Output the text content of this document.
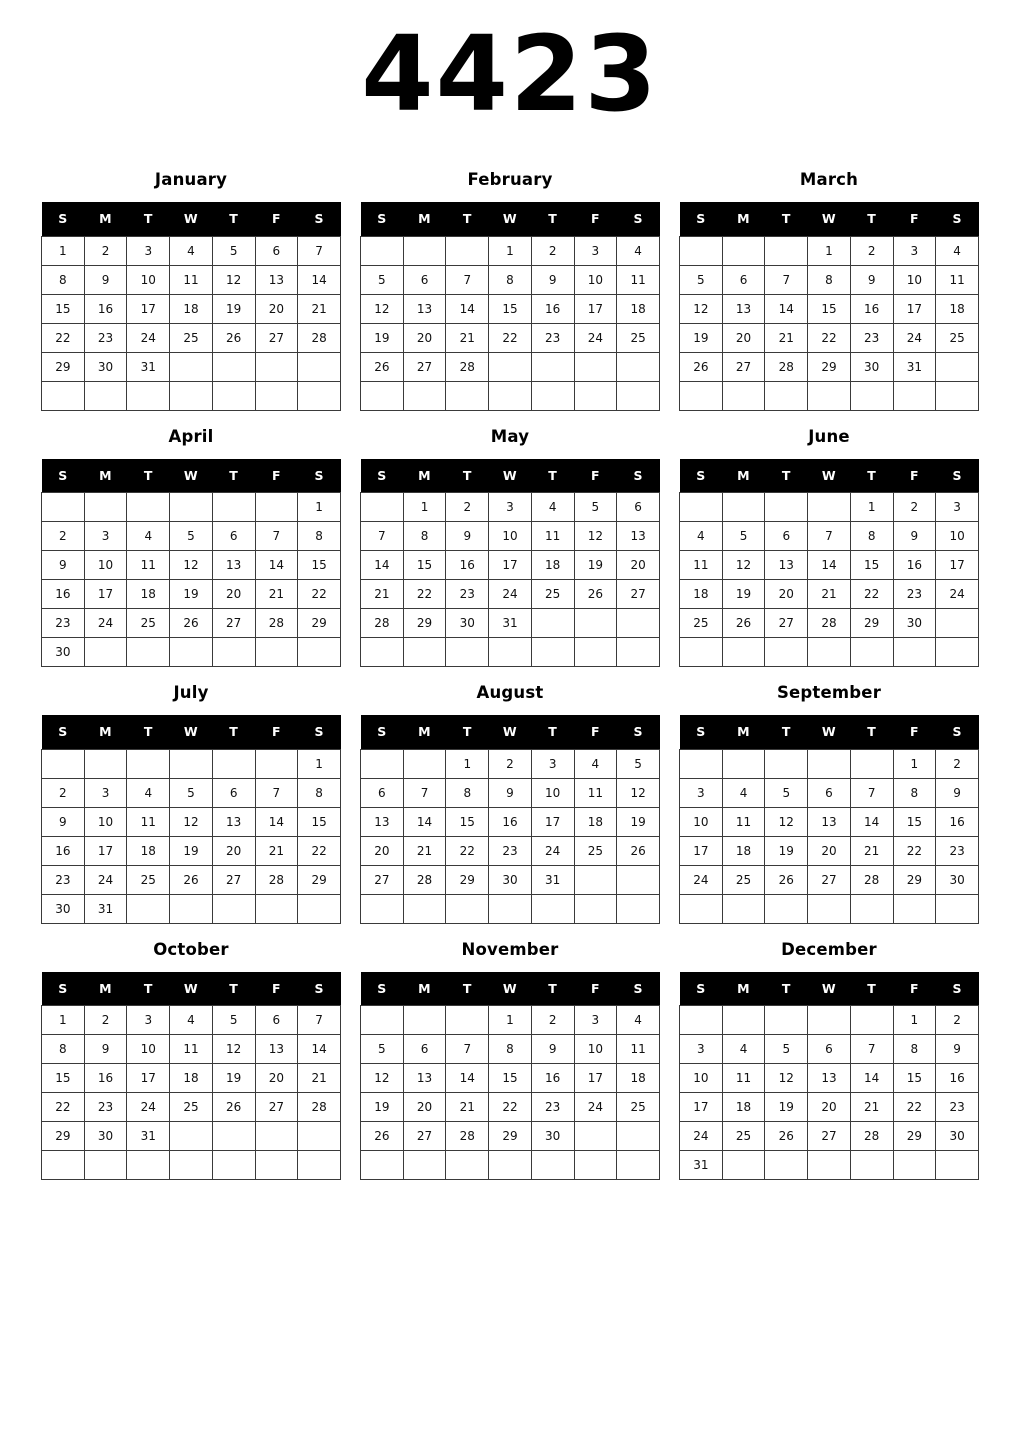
4423
January
S	M	T	W	T	F	S
1	2	3	4	5	6	7
8	9	10	11	12	13	14
15	16	17	18	19	20	21
22	23	24	25	26	27	28
29	30	31				

February
S	M	T	W	T	F	S
			1	2	3	4
5	6	7	8	9	10	11
12	13	14	15	16	17	18
19	20	21	22	23	24	25
26	27	28				

March
S	M	T	W	T	F	S
			1	2	3	4
5	6	7	8	9	10	11
12	13	14	15	16	17	18
19	20	21	22	23	24	25
26	27	28	29	30	31	

April
S	M	T	W	T	F	S
						1
2	3	4	5	6	7	8
9	10	11	12	13	14	15
16	17	18	19	20	21	22
23	24	25	26	27	28	29
30						
May
S	M	T	W	T	F	S
	1	2	3	4	5	6
7	8	9	10	11	12	13
14	15	16	17	18	19	20
21	22	23	24	25	26	27
28	29	30	31			

June
S	M	T	W	T	F	S
				1	2	3
4	5	6	7	8	9	10
11	12	13	14	15	16	17
18	19	20	21	22	23	24
25	26	27	28	29	30	

July
S	M	T	W	T	F	S
						1
2	3	4	5	6	7	8
9	10	11	12	13	14	15
16	17	18	19	20	21	22
23	24	25	26	27	28	29
30	31					
August
S	M	T	W	T	F	S
		1	2	3	4	5
6	7	8	9	10	11	12
13	14	15	16	17	18	19
20	21	22	23	24	25	26
27	28	29	30	31		

September
S	M	T	W	T	F	S
					1	2
3	4	5	6	7	8	9
10	11	12	13	14	15	16
17	18	19	20	21	22	23
24	25	26	27	28	29	30

October
S	M	T	W	T	F	S
1	2	3	4	5	6	7
8	9	10	11	12	13	14
15	16	17	18	19	20	21
22	23	24	25	26	27	28
29	30	31				

November
S	M	T	W	T	F	S
			1	2	3	4
5	6	7	8	9	10	11
12	13	14	15	16	17	18
19	20	21	22	23	24	25
26	27	28	29	30		

December
S	M	T	W	T	F	S
					1	2
3	4	5	6	7	8	9
10	11	12	13	14	15	16
17	18	19	20	21	22	23
24	25	26	27	28	29	30
31						
